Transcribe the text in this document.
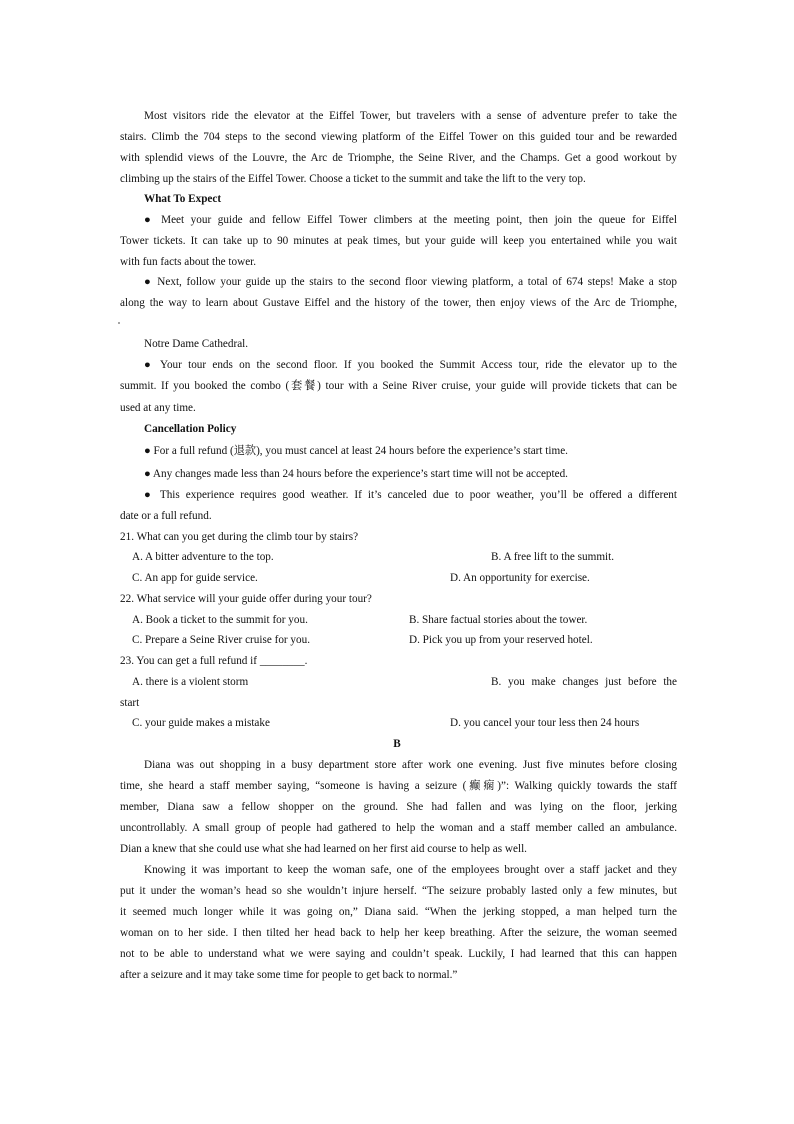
Most visitors ride the elevator at the Eiffel Tower, but travelers with a sense of adventure prefer to take the
stairs. Climb the 704 steps to the second viewing platform of the Eiffel Tower on this guided tour and be rewarded
with splendid views of the Louvre, the Arc de Triomphe, the Seine River, and the Champs. Get a good workout by
climbing up the stairs of the Eiffel Tower. Choose a ticket to the summit and take the lift to the very top.
What To Expect
● Meet your guide and fellow Eiffel Tower climbers at the meeting point, then join the queue for Eiffel
Tower tickets. It can take up to 90 minutes at peak times, but your guide will keep you entertained while you wait
with fun facts about the tower.
● Next, follow your guide up the stairs to the second floor viewing platform, a total of 674 steps! Make a stop
along the way to learn about Gustave Eiffel and the history of the tower, then enjoy views of the Arc de Triomphe,
Notre Dame Cathedral.
● Your tour ends on the second floor. If you booked the Summit Access tour, ride the elevator up to the
summit. If you booked the combo (套餐) tour with a Seine River cruise, your guide will provide tickets that can be
used at any time.
Cancellation Policy
● For a full refund (退款), you must cancel at least 24 hours before the experience’s start time.
● Any changes made less than 24 hours before the experience’s start time will not be accepted.
● This experience requires good weather. If it’s canceled due to poor weather, you’ll be offered a different
date or a full refund.
21. What can you get during the climb tour by stairs?
A. A bitter adventure to the top.	B. A free lift to the summit.
C. An app for guide service.	D. An opportunity for exercise.
22. What service will your guide offer during your tour?
A. Book a ticket to the summit for you.	B. Share factual stories about the tower.
C. Prepare a Seine River cruise for you.	D. Pick you up from your reserved hotel.
23. You can get a full refund if ________.
A. there is a violent storm	B. you make changes just before the
start
C. your guide makes a mistake	D. you cancel your tour less then 24 hours
B
Diana was out shopping in a busy department store after work one evening. Just five minutes before closing
time, she heard a staff member saying, “someone is having a seizure (癫痫)”: Walking quickly towards the staff
member, Diana saw a fellow shopper on the ground. She had fallen and was lying on the floor, jerking
uncontrollably. A small group of people had gathered to help the woman and a staff member called an ambulance.
Dian a knew that she could use what she had learned on her first aid course to help as well.
Knowing it was important to keep the woman safe, one of the employees brought over a staff jacket and they
put it under the woman’s head so she wouldn’t injure herself. “The seizure probably lasted only a few minutes, but
it seemed much longer while it was going on,” Diana said. “When the jerking stopped, a man helped turn the
woman on to her side. I then tilted her head back to help her keep breathing. After the seizure, the woman seemed
not to be able to understand what we were saying and couldn’t speak. Luckily, I had learned that this can happen
after a seizure and it may take some time for people to get back to normal.”
